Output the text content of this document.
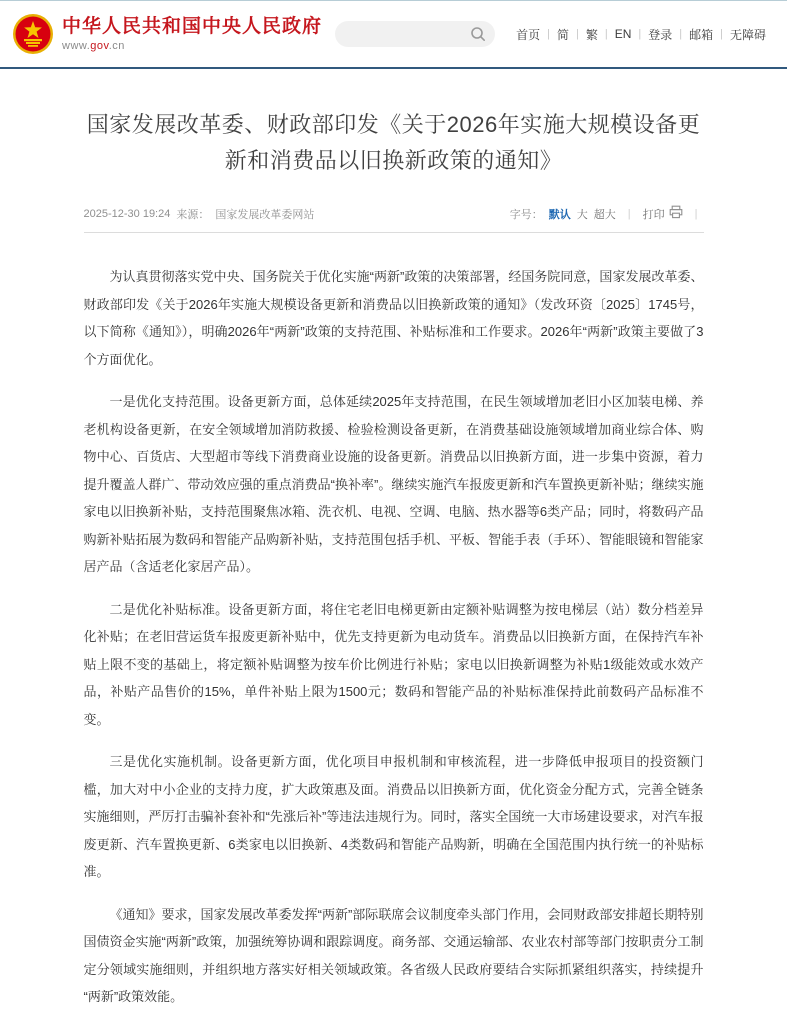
中华人民共和国中央人民政府
www.gov.cn
首页 | 简 | 繁 | EN | 登录 | 邮箱 | 无障碍
国家发展改革委、财政部印发《关于2026年实施大规模设备更新和消费品以旧换新政策的通知》
2025-12-30 19:24 来源： 国家发展改革委网站	字号： 默认 大 超大	|	打印	|

为认真贯彻落实党中央、国务院关于优化实施“两新”政策的决策部署，经国务院同意，国家发展改革委、财政部印发《关于2026年实施大规模设备更新和消费品以旧换新政策的通知》（发改环资〔2025〕1745号，以下简称《通知》），明确2026年“两新”政策的支持范围、补贴标准和工作要求。2026年“两新”政策主要做了3个方面优化。

一是优化支持范围。设备更新方面，总体延续2025年支持范围，在民生领域增加老旧小区加装电梯、养老机构设备更新，在安全领域增加消防救援、检验检测设备更新，在消费基础设施领域增加商业综合体、购物中心、百货店、大型超市等线下消费商业设施的设备更新。消费品以旧换新方面，进一步集中资源，着力提升覆盖人群广、带动效应强的重点消费品“换补率”。继续实施汽车报废更新和汽车置换更新补贴；继续实施家电以旧换新补贴，支持范围聚焦冰箱、洗衣机、电视、空调、电脑、热水器等6类产品；同时，将数码产品购新补贴拓展为数码和智能产品购新补贴，支持范围包括手机、平板、智能手表（手环）、智能眼镜和智能家居产品（含适老化家居产品）。

二是优化补贴标准。设备更新方面，将住宅老旧电梯更新由定额补贴调整为按电梯层（站）数分档差异化补贴；在老旧营运货车报废更新补贴中，优先支持更新为电动货车。消费品以旧换新方面，在保持汽车补贴上限不变的基础上，将定额补贴调整为按车价比例进行补贴；家电以旧换新调整为补贴1级能效或水效产品，补贴产品售价的15%，单件补贴上限为1500元；数码和智能产品的补贴标准保持此前数码产品标准不变。

三是优化实施机制。设备更新方面，优化项目申报机制和审核流程，进一步降低申报项目的投资额门槛，加大对中小企业的支持力度，扩大政策惠及面。消费品以旧换新方面，优化资金分配方式，完善全链条实施细则，严厉打击骗补套补和“先涨后补”等违法违规行为。同时，落实全国统一大市场建设要求，对汽车报废更新、汽车置换更新、6类家电以旧换新、4类数码和智能产品购新，明确在全国范围内执行统一的补贴标准。

《通知》要求，国家发展改革委发挥“两新”部际联席会议制度牵头部门作用，会同财政部安排超长期特别国债资金实施“两新”政策，加强统筹协调和跟踪调度。商务部、交通运输部、农业农村部等部门按职责分工制定分领域实施细则，并组织地方落实好相关领域政策。各省级人民政府要结合实际抓紧组织落实，持续提升“两新”政策效能。
